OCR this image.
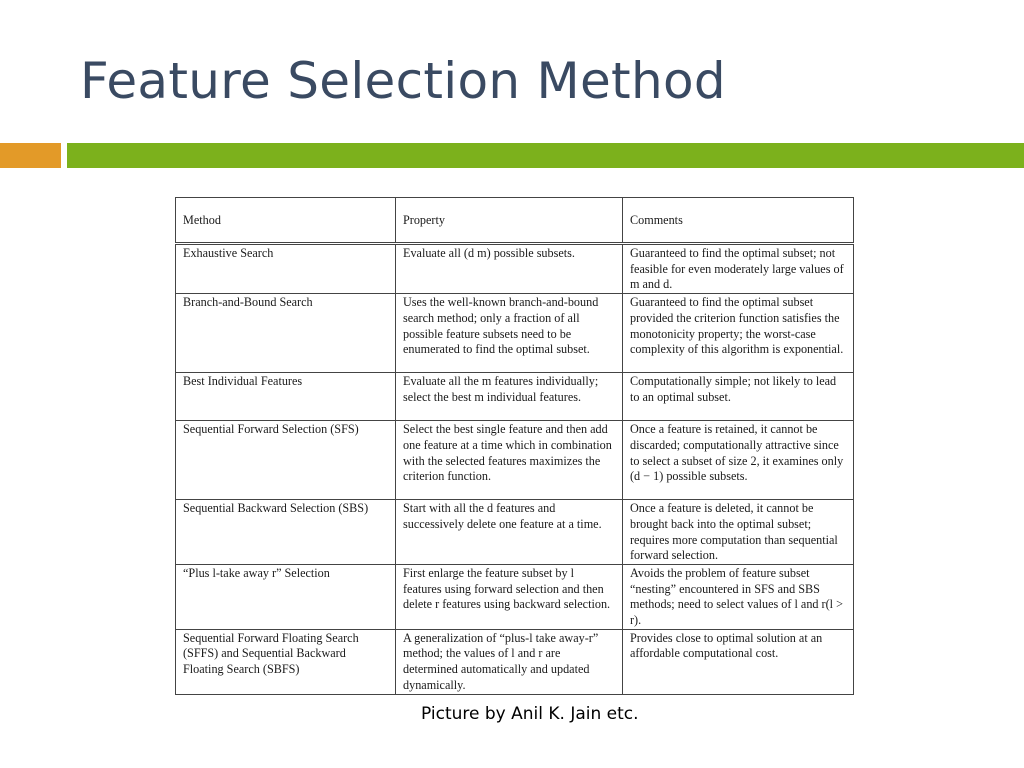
Feature Selection Method
Method	Property	Comments
Exhaustive Search	Evaluate all (d m) possible subsets.	Guaranteed to find the optimal subset; not feasible for even moderately large values of m and d.
Branch-and-Bound Search	Uses the well-known branch-and-bound search method; only a fraction of all possible feature subsets need to be enumerated to find the optimal subset.	Guaranteed to find the optimal subset provided the criterion function satisfies the monotonicity property; the worst-case complexity of this algorithm is exponential.
Best Individual Features	Evaluate all the m features individually; select the best m individual features.	Computationally simple; not likely to lead to an optimal subset.
Sequential Forward Selection (SFS)	Select the best single feature and then add one feature at a time which in combination with the selected features maximizes the criterion function.	Once a feature is retained, it cannot be discarded; computationally attractive since to select a subset of size 2, it examines only (d − 1) possible subsets.
Sequential Backward Selection (SBS)	Start with all the d features and successively delete one feature at a time.	Once a feature is deleted, it cannot be brought back into the optimal subset; requires more computation than sequential forward selection.
“Plus l-take away r” Selection	First enlarge the feature subset by l features using forward selection and then delete r features using backward selection.	Avoids the problem of feature subset “nesting” encountered in SFS and SBS methods; need to select values of l and r(l > r).
Sequential Forward Floating Search (SFFS) and Sequential Backward Floating Search (SBFS)	A generalization of “plus-l take away-r” method; the values of l and r are determined automatically and updated dynamically.	Provides close to optimal solution at an affordable computational cost.
Picture by Anil K. Jain etc.
